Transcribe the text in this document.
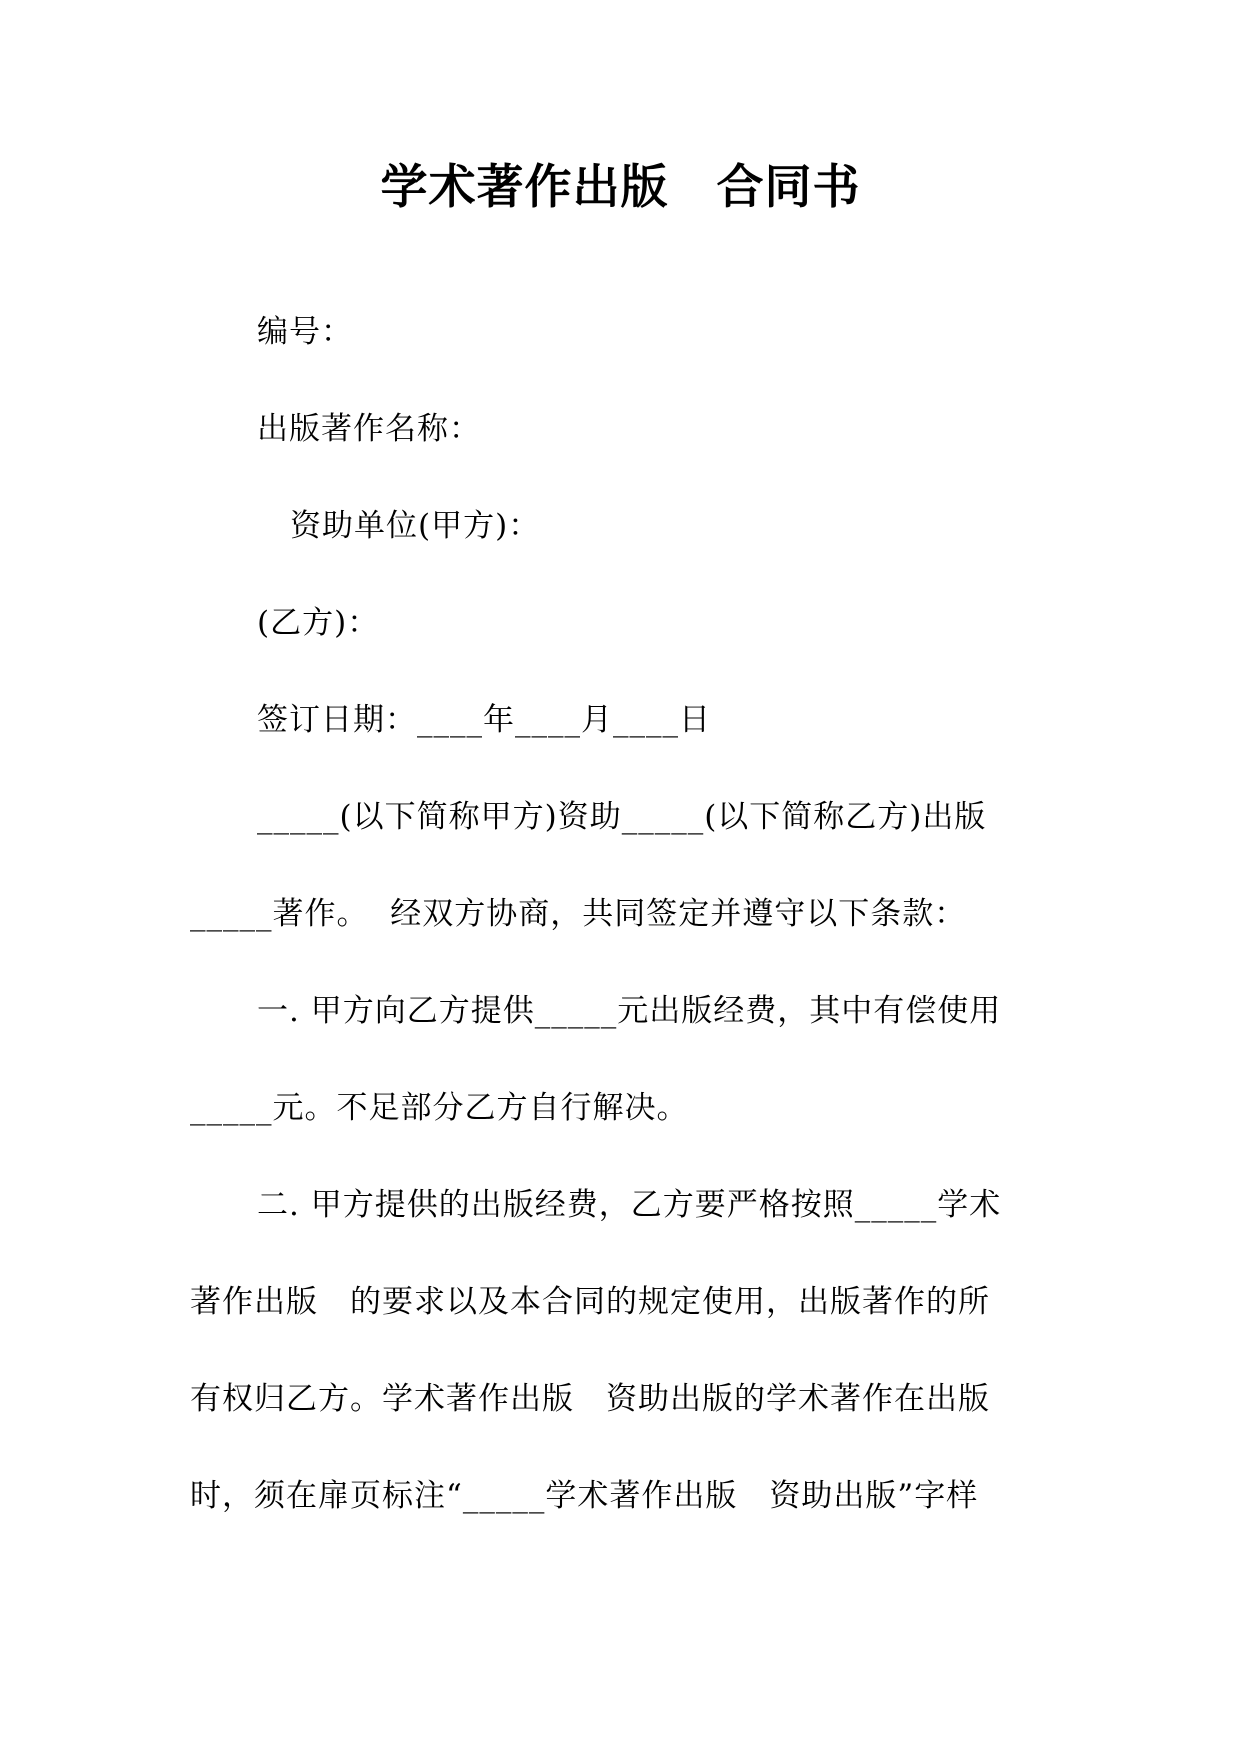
学术著作出版　合同书
编号：
出版著作名称：
资助单位(甲方)：
(乙方)：
签订日期：____年____月____日
_____(以下简称甲方)资助_____(以下简称乙方)出版
_____著作。  经双方协商，共同签定并遵守以下条款：
一. 甲方向乙方提供_____元出版经费，其中有偿使用
_____元。不足部分乙方自行解决。
二. 甲方提供的出版经费，乙方要严格按照_____学术
著作出版　的要求以及本合同的规定使用，出版著作的所
有权归乙方。学术著作出版　资助出版的学术著作在出版
时，须在扉页标注“_____学术著作出版　资助出版”字样
